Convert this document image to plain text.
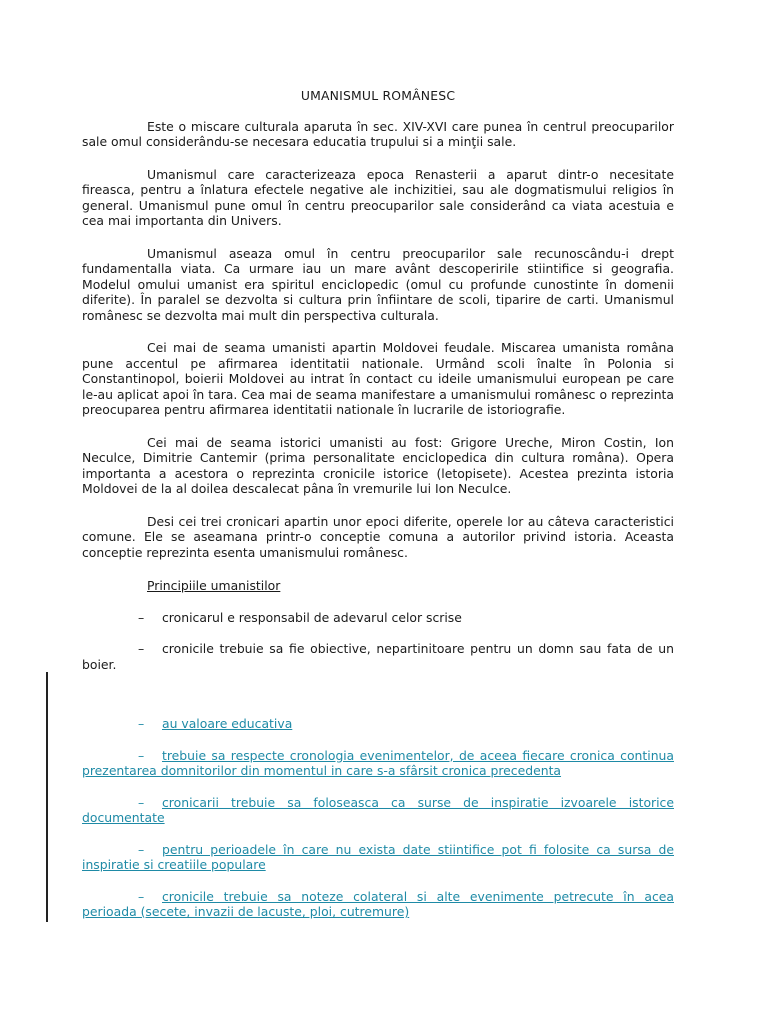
UMANISMUL ROMÂNESC

Este o miscare culturala aparuta în sec. XIV-XVI care punea în centrul preocuparilor sale omul considerându-se necesara educatia trupului si a minţii sale.

Umanismul care caracterizeaza epoca Renasterii a aparut dintr-o necesitate fireasca, pentru a înlatura efectele negative ale inchizitiei, sau ale dogmatismului religios în general. Umanismul pune omul în centru preocuparilor sale considerând ca viata acestuia e cea mai importanta din Univers.

Umanismul aseaza omul în centru preocuparilor sale recunoscându-i drept fundamentalla viata. Ca urmare iau un mare avânt descoperirile stiintifice si geografia. Modelul omului umanist era spiritul enciclopedic (omul cu profunde cunostinte în domenii diferite). În paralel se dezvolta si cultura prin înfiintare de scoli, tiparire de carti. Umanismul românesc se dezvolta mai mult din perspectiva culturala.

Cei mai de seama umanisti apartin Moldovei feudale. Miscarea umanista româna pune accentul pe afirmarea identitatii nationale. Urmând scoli înalte în Polonia si Constantinopol, boierii Moldovei au intrat în contact cu ideile umanismului european pe care le-au aplicat apoi în tara. Cea mai de seama manifestare a umanismului românesc o reprezinta preocuparea pentru afirmarea identitatii nationale în lucrarile de istoriografie.

Cei mai de seama istorici umanisti au fost: Grigore Ureche, Miron Costin, Ion Neculce, Dimitrie Cantemir (prima personalitate enciclopedica din cultura româna). Opera importanta a acestora o reprezinta cronicile istorice (letopisete). Acestea prezinta istoria Moldovei de la al doilea descalecat pâna în vremurile lui Ion Neculce.

Desi cei trei cronicari apartin unor epoci diferite, operele lor au câteva caracteristici comune. Ele se aseamana printr-o conceptie comuna a autorilor privind istoria. Aceasta conceptie reprezinta esenta umanismului românesc.

Principiile umanistilor
– cronicarul e responsabil de adevarul celor scrise
– cronicile trebuie sa fie obiective, nepartinitoare pentru un domn sau fata de un boier.
– au valoare educativa
– trebuie sa respecte cronologia evenimentelor, de aceea fiecare cronica continua prezentarea domnitorilor din momentul in care s-a sfârsit cronica precedenta
– cronicarii trebuie sa foloseasca ca surse de inspiratie izvoarele istorice documentate
– pentru perioadele în care nu exista date stiintifice pot fi folosite ca sursa de inspiratie si creatiile populare
– cronicile trebuie sa noteze colateral si alte evenimente petrecute în acea perioada (secete, invazii de lacuste, ploi, cutremure)
